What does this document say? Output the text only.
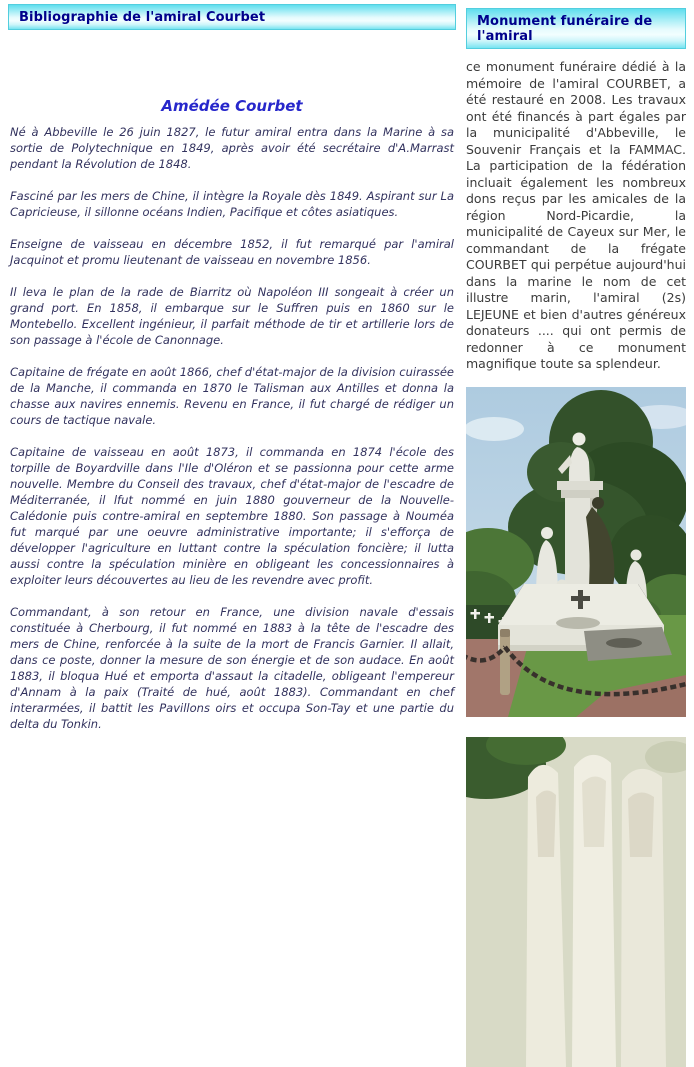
Bibliographie de l'amiral Courbet
Amédée Courbet

Né à Abbeville le 26 juin 1827, le futur amiral entra dans la Marine à sa sortie de Polytechnique en 1849, après avoir été secrétaire d'A.Marrast pendant la Révolution de 1848.

Fasciné par les mers de Chine, il intègre la Royale dès 1849. Aspirant sur La Capricieuse, il sillonne océans Indien, Pacifique et côtes asiatiques.

Enseigne de vaisseau en décembre 1852, il fut remarqué par l'amiral Jacquinot et promu lieutenant de vaisseau en novembre 1856.

Il leva le plan de la rade de Biarritz où Napoléon III songeait à créer un grand port. En 1858, il embarque sur le Suffren puis en 1860 sur le Montebello. Excellent ingénieur, il parfait méthode de tir et artillerie lors de son passage à l'école de Canonnage.

Capitaine de frégate en août 1866, chef d'état-major de la division cuirassée de la Manche, il commanda en 1870 le Talisman aux Antilles et donna la chasse aux navires ennemis. Revenu en France, il fut chargé de rédiger un cours de tactique navale.

Capitaine de vaisseau en août 1873, il commanda en 1874 l'école des torpille de Boyardville dans l'Ile d'Oléron et se passionna pour cette arme nouvelle. Membre du Conseil des travaux, chef d'état-major de l'escadre de Méditerranée, il lfut nommé en juin 1880 gouverneur de la Nouvelle-Calédonie puis contre-amiral en septembre 1880. Son passage à Nouméa fut marqué par une oeuvre administrative importante; il s'efforça de développer l'agriculture en luttant contre la spéculation foncière; il lutta aussi contre la spéculation minière en obligeant les concessionnaires à exploiter leurs découvertes au lieu de les revendre avec profit.

Commandant, à son retour en France, une division navale d'essais constituée à Cherbourg, il fut nommé en 1883 à la tête de l'escadre des mers de Chine, renforcée à la suite de la mort de Francis Garnier. Il allait, dans ce poste, donner la mesure de son énergie et de son audace. En août 1883, il bloqua Hué et emporta d'assaut la citadelle, obligeant l'empereur d'Annam à la paix (Traité de hué, août 1883). Commandant en chef interarmées, il battit les Pavillons oirs et occupa Son-Tay et une partie du delta du Tonkin.

Monument funéraire de l'amiral

ce monument funéraire dédié à la mémoire de l'amiral COURBET, a été restauré en 2008. Les travaux ont été financés à part égales par la municipalité d'Abbeville, le Souvenir Français et la FAMMAC. La participation de la fédération incluait également les nombreux dons reçus par les amicales de la région Nord-Picardie, la municipalité de Cayeux sur Mer, le commandant de la frégate COURBET qui perpétue aujourd'hui dans la marine le nom de cet illustre marin, l'amiral (2s) LEJEUNE et bien d'autres généreux donateurs .... qui ont permis de redonner à ce monument magnifique toute sa splendeur.
